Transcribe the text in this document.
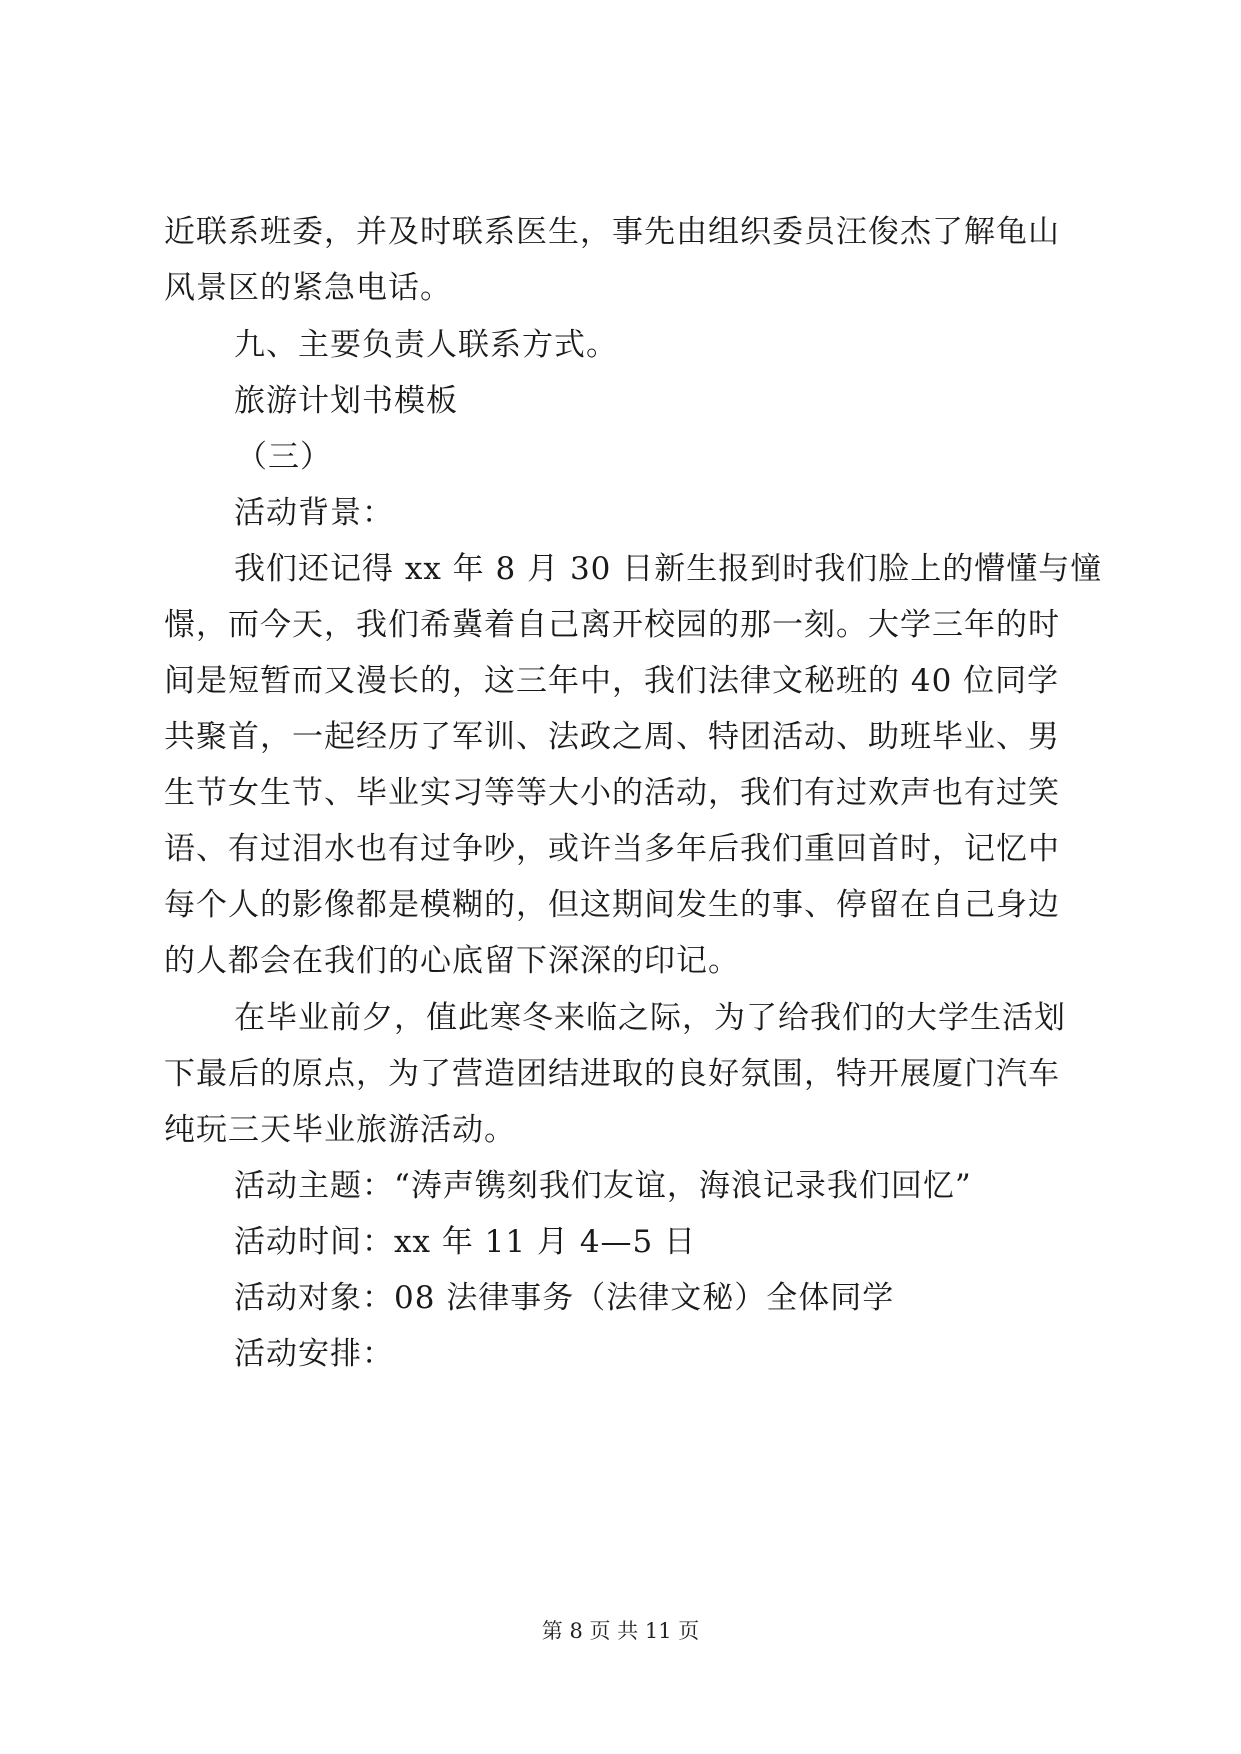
近联系班委，并及时联系医生，事先由组织委员汪俊杰了解龟山
风景区的紧急电话。
九、主要负责人联系方式。
旅游计划书模板
（三）
活动背景：
我们还记得 xx 年 8 月 30 日新生报到时我们脸上的懵懂与憧
憬，而今天，我们希冀着自己离开校园的那一刻。大学三年的时
间是短暂而又漫长的，这三年中，我们法律文秘班的 40 位同学
共聚首，一起经历了军训、法政之周、特团活动、助班毕业、男
生节女生节、毕业实习等等大小的活动，我们有过欢声也有过笑
语、有过泪水也有过争吵，或许当多年后我们重回首时，记忆中
每个人的影像都是模糊的，但这期间发生的事、停留在自己身边
的人都会在我们的心底留下深深的印记。
在毕业前夕，值此寒冬来临之际，为了给我们的大学生活划
下最后的原点，为了营造团结进取的良好氛围，特开展厦门汽车
纯玩三天毕业旅游活动。
活动主题：“涛声镌刻我们友谊，海浪记录我们回忆”
活动时间：xx 年 11 月 4—5 日
活动对象：08 法律事务（法律文秘）全体同学
活动安排：
第 8 页 共 11 页
